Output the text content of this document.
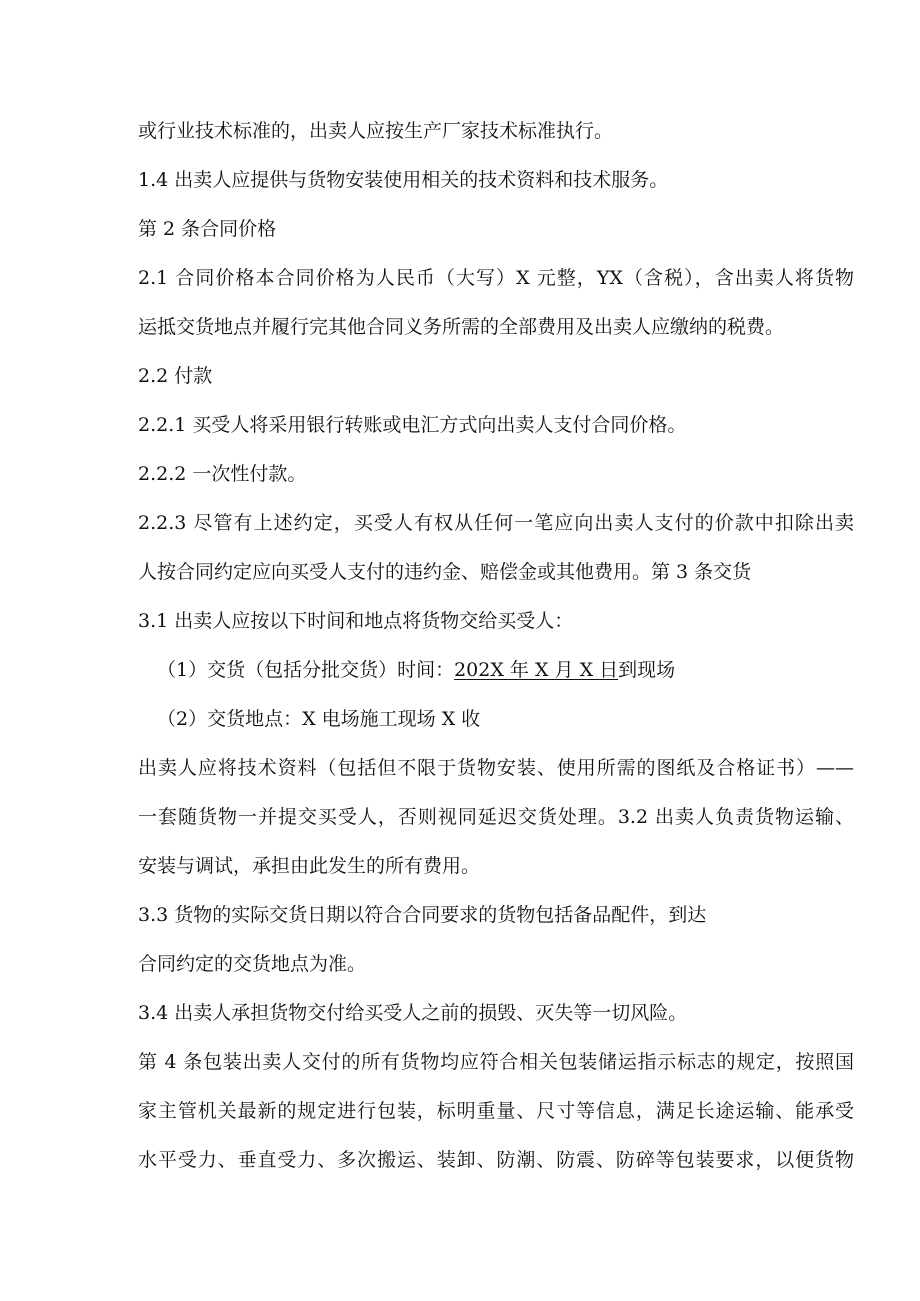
或行业技术标准的，出卖人应按生产厂家技术标准执行。

1.4 出卖人应提供与货物安装使用相关的技术资料和技术服务。

第 2 条合同价格

2.1 合同价格本合同价格为人民币（大写）X 元整，YX（含税），含出卖人将货物

运抵交货地点并履行完其他合同义务所需的全部费用及出卖人应缴纳的税费。

2.2 付款

2.2.1 买受人将采用银行转账或电汇方式向出卖人支付合同价格。

2.2.2 一次性付款。

2.2.3 尽管有上述约定，买受人有权从任何一笔应向出卖人支付的价款中扣除出卖

人按合同约定应向买受人支付的违约金、赔偿金或其他费用。第 3 条交货

3.1 出卖人应按以下时间和地点将货物交给买受人：

（1）交货（包括分批交货）时间：202X 年 X 月 X 日到现场

（2）交货地点：X 电场施工现场 X 收

出卖人应将技术资料（包括但不限于货物安装、使用所需的图纸及合格证书）——

一套随货物一并提交买受人，否则视同延迟交货处理。3.2 出卖人负责货物运输、

安装与调试，承担由此发生的所有费用。

3.3 货物的实际交货日期以符合合同要求的货物包括备品配件，到达

合同约定的交货地点为准。

3.4 出卖人承担货物交付给买受人之前的损毁、灭失等一切风险。

第 4 条包装出卖人交付的所有货物均应符合相关包装储运指示标志的规定，按照国

家主管机关最新的规定进行包装，标明重量、尺寸等信息，满足长途运输、能承受

水平受力、垂直受力、多次搬运、装卸、防潮、防震、防碎等包装要求，以便货物
